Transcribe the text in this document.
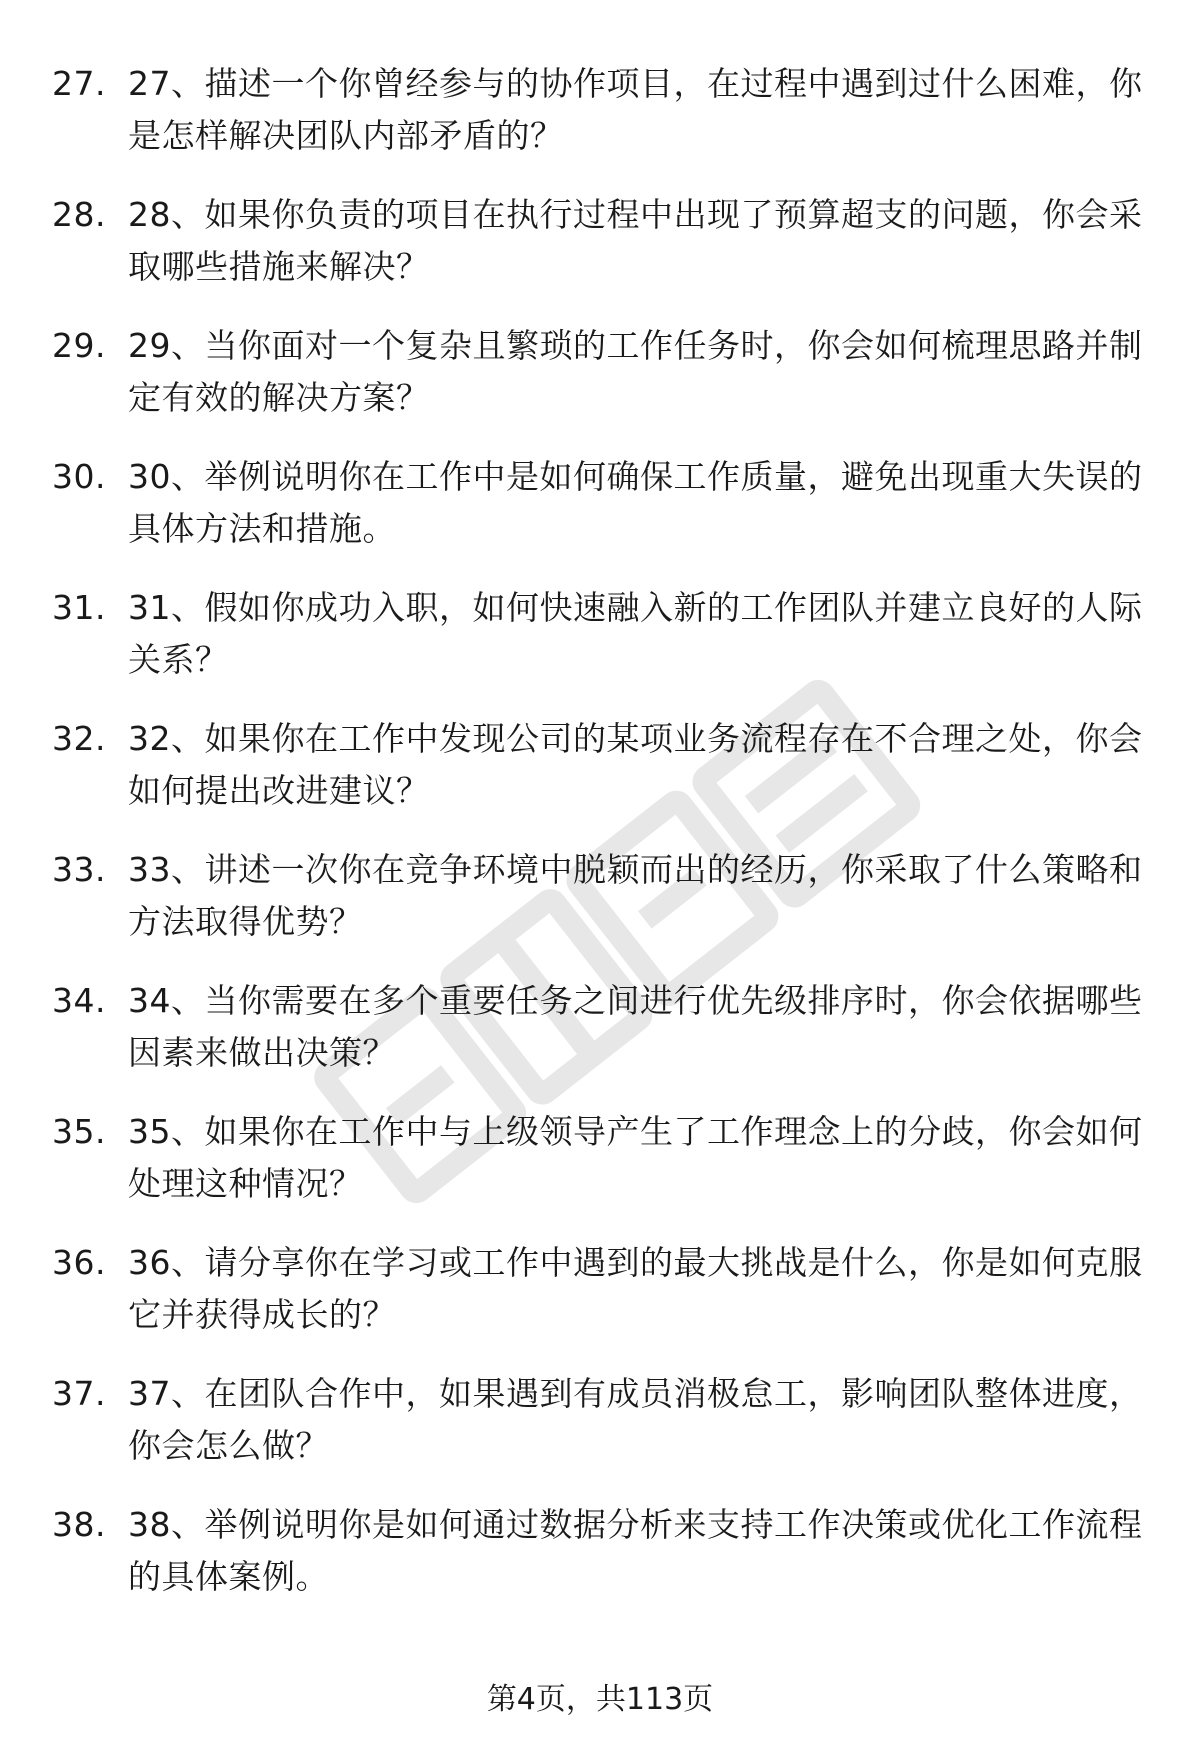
27. 27、描述一个你曾经参与的协作项目，在过程中遇到过什么困难，你是怎样解决团队内部矛盾的？
28. 28、如果你负责的项目在执行过程中出现了预算超支的问题，你会采取哪些措施来解决？
29. 29、当你面对一个复杂且繁琐的工作任务时，你会如何梳理思路并制定有效的解决方案？
30. 30、举例说明你在工作中是如何确保工作质量，避免出现重大失误的具体方法和措施。
31. 31、假如你成功入职，如何快速融入新的工作团队并建立良好的人际关系？
32. 32、如果你在工作中发现公司的某项业务流程存在不合理之处，你会如何提出改进建议？
33. 33、讲述一次你在竞争环境中脱颖而出的经历，你采取了什么策略和方法取得优势？
34. 34、当你需要在多个重要任务之间进行优先级排序时，你会依据哪些因素来做出决策？
35. 35、如果你在工作中与上级领导产生了工作理念上的分歧，你会如何处理这种情况？
36. 36、请分享你在学习或工作中遇到的最大挑战是什么，你是如何克服它并获得成长的？
37. 37、在团队合作中，如果遇到有成员消极怠工，影响团队整体进度，你会怎么做？
38. 38、举例说明你是如何通过数据分析来支持工作决策或优化工作流程的具体案例。
第4页，共113页
